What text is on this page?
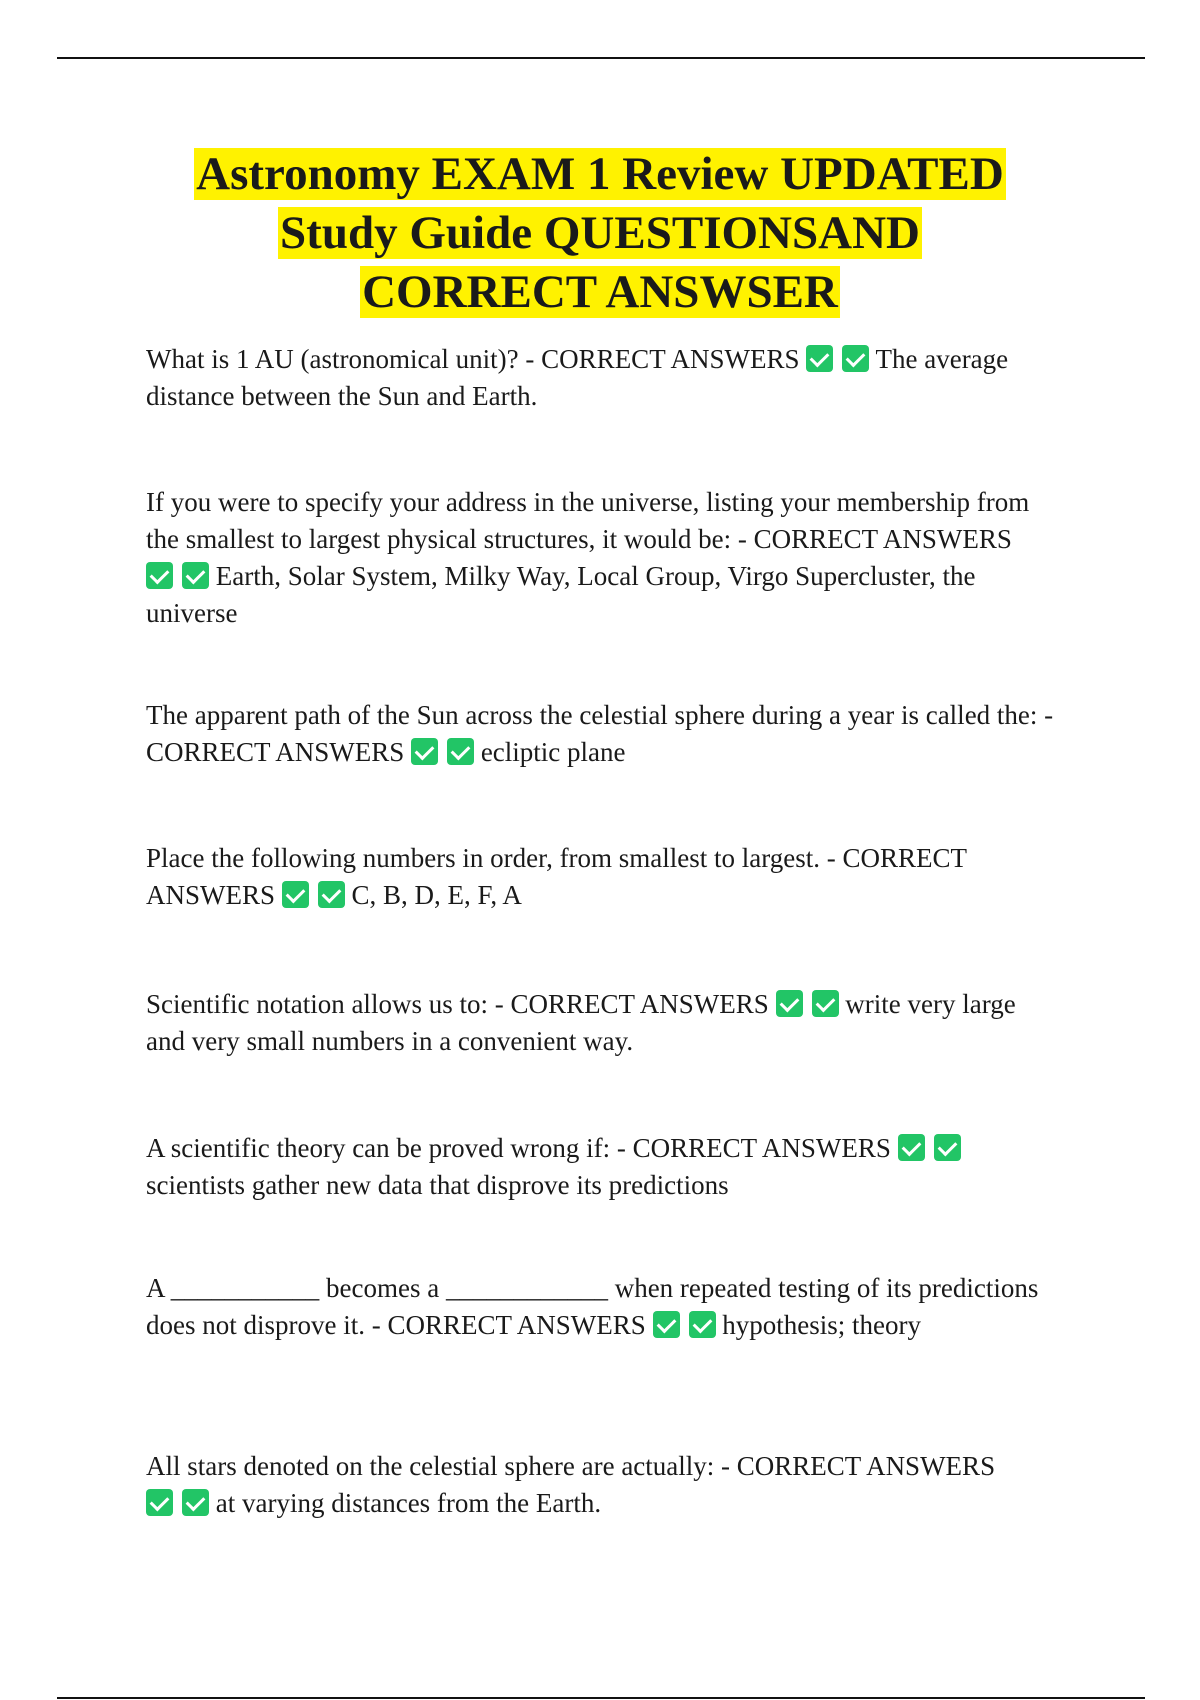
Astronomy EXAM 1 Review UPDATED
Study Guide QUESTIONSAND
CORRECT ANSWSER

What is 1 AU (astronomical unit)? - CORRECT ANSWERS	The average distance between the Sun and Earth.

If you were to specify your address in the universe, listing your membership from the smallest to largest physical structures, it would be: - CORRECT ANSWERS  Earth, Solar System, Milky Way, Local Group, Virgo Supercluster, the universe

The apparent path of the Sun across the celestial sphere during a year is called the: - CORRECT ANSWERS	ecliptic plane

Place the following numbers in order, from smallest to largest. - CORRECT ANSWERS	C, B, D, E, F, A

Scientific notation allows us to: - CORRECT ANSWERS	write very large and very small numbers in a convenient way.

A scientific theory can be proved wrong if: - CORRECT ANSWERS  scientists gather new data that disprove its predictions

A ___________ becomes a ____________ when repeated testing of its predictions does not disprove it. - CORRECT ANSWERS	hypothesis; theory

All stars denoted on the celestial sphere are actually: - CORRECT ANSWERS  at varying distances from the Earth.
